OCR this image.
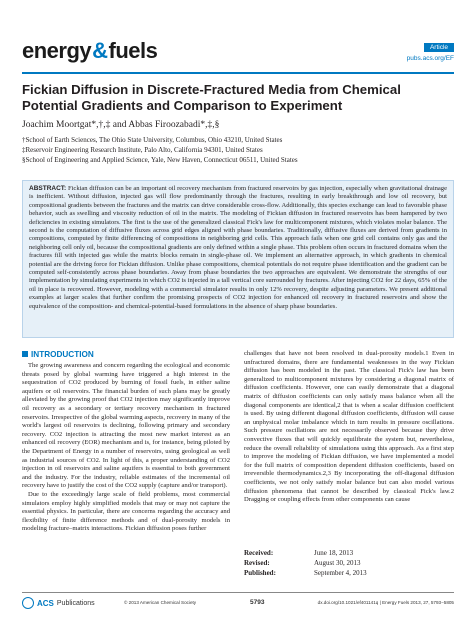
energy&fuels	Article
pubs.acs.org/EF
Fickian Diffusion in Discrete-Fractured Media from Chemical Potential Gradients and Comparison to Experiment
Joachim Moortgat*,†,‡ and Abbas Firoozabadi*,‡,§
†School of Earth Sciences, The Ohio State University, Columbus, Ohio 43210, United States
‡Reservoir Engineering Research Institute, Palo Alto, California 94301, United States
§School of Engineering and Applied Science, Yale, New Haven, Connecticut 06511, United States
ABSTRACT: Fickian diffusion can be an important oil recovery mechanism from fractured reservoirs by gas injection, especially when gravitational drainage is inefficient. Without diffusion, injected gas will flow predominantly through the fractures, resulting in early breakthrough and low oil recovery, but compositional gradients between the fractures and the matrix can drive considerable cross-flow. Additionally, this species exchange can lead to favorable phase behavior, such as swelling and viscosity reduction of oil in the matrix. The modeling of Fickian diffusion in fractured reservoirs has been hampered by two deficiencies in existing simulators. The first is the use of the generalized classical Fick's law for multicomponent mixtures, which violates molar balance. The second is the computation of diffusive fluxes across grid edges aligned with phase boundaries. Traditionally, diffusive fluxes are derived from gradients in compositions, computed by finite differencing of compositions in neighboring grid cells. This approach fails when one grid cell contains only gas and the neighboring cell only oil, because the compositional gradients are only defined within a single phase. This problem often occurs in fractured domains when the fractures fill with injected gas while the matrix blocks remain in single-phase oil. We implement an alternative approach, in which gradients in chemical potential are the driving force for Fickian diffusion. Unlike phase compositions, chemical potentials do not require phase identification and the gradient can be computed self-consistently across phase boundaries. Away from phase boundaries the two approaches are equivalent. We demonstrate the strengths of our implementation by simulating experiments in which CO2 is injected in a tall vertical core surrounded by fractures. After injecting CO2 for 22 days, 65% of the oil in place is recovered. However, modeling with a commercial simulator results in only 12% recovery, despite adjusting parameters. We present additional examples at larger scales that further confirm the promising prospects of CO2 injection for enhanced oil recovery in fractured reservoirs and show the equivalence of the composition- and chemical-potential-based formulations in the absence of sharp phase boundaries.
INTRODUCTION

The growing awareness and concern regarding the ecological and economic threats posed by global warming have triggered a high interest in the sequestration of CO2 produced by burning of fossil fuels, in either saline aquifers or oil reservoirs. The financial burden of such plans may be greatly alleviated by the growing proof that CO2 injection may significantly improve oil recovery as a secondary or tertiary recovery mechanism in fractured reservoirs. Irrespective of the global warming aspects, recovery in many of the world's largest oil reservoirs is declining, following primary and secondary recovery. CO2 injection is attracting the most new market interest as an enhanced oil recovery (EOR) mechanism and is, for instance, being piloted by the Department of Energy in a number of reservoirs, using geological as well as industrial sources of CO2. In light of this, a proper understanding of CO2 injection in oil reservoirs and saline aquifers is essential to both government and the industry. For the industry, reliable estimates of the incremental oil recovery have to justify the cost of the CO2 supply (capture and/or transport).

Due to the exceedingly large scale of field problems, most commercial simulators employ highly simplified models that may or may not capture the essential physics. In particular, there are concerns regarding the accuracy and flexibility of finite difference methods and of dual-porosity models in modeling fracture–matrix interactions. Fickian diffusion poses further

challenges that have not been resolved in dual-porosity models.1 Even in unfractured domains, there are fundamental weaknesses in the way Fickian diffusion has been modeled in the past. The classical Fick's law has been generalized to multicomponent mixtures by considering a diagonal matrix of diffusion coefficients. However, one can easily demonstrate that a diagonal matrix of diffusion coefficients can only satisfy mass balance when all the diagonal components are identical,2 that is when a scalar diffusion coefficient is used. By using different diagonal diffusion coefficients, diffusion will cause an unphysical molar imbalance which in turn results in pressure oscillations. Such pressure oscillations are not necessarily observed because they drive convective fluxes that will quickly equilibrate the system but, nevertheless, reduce the overall reliability of simulations using this approach. As a first step to improve the modeling of Fickian diffusion, we have implemented a model for the full matrix of composition dependent diffusion coefficients, based on irreversible thermodynamics.2,3 By incorporating the off-diagonal diffusion coefficients, we not only satisfy molar balance but can also model various diffusion phenomena that cannot be described by classical Fick's law.2 Dragging or coupling effects from other components can cause

Received:	June 18, 2013
Revised:	August 30, 2013
Published:	September 4, 2013
ACS Publications	© 2013 American Chemical Society	5793	dx.doi.org/10.1021/ef401141q | Energy Fuels 2013, 27, 5793−5805
